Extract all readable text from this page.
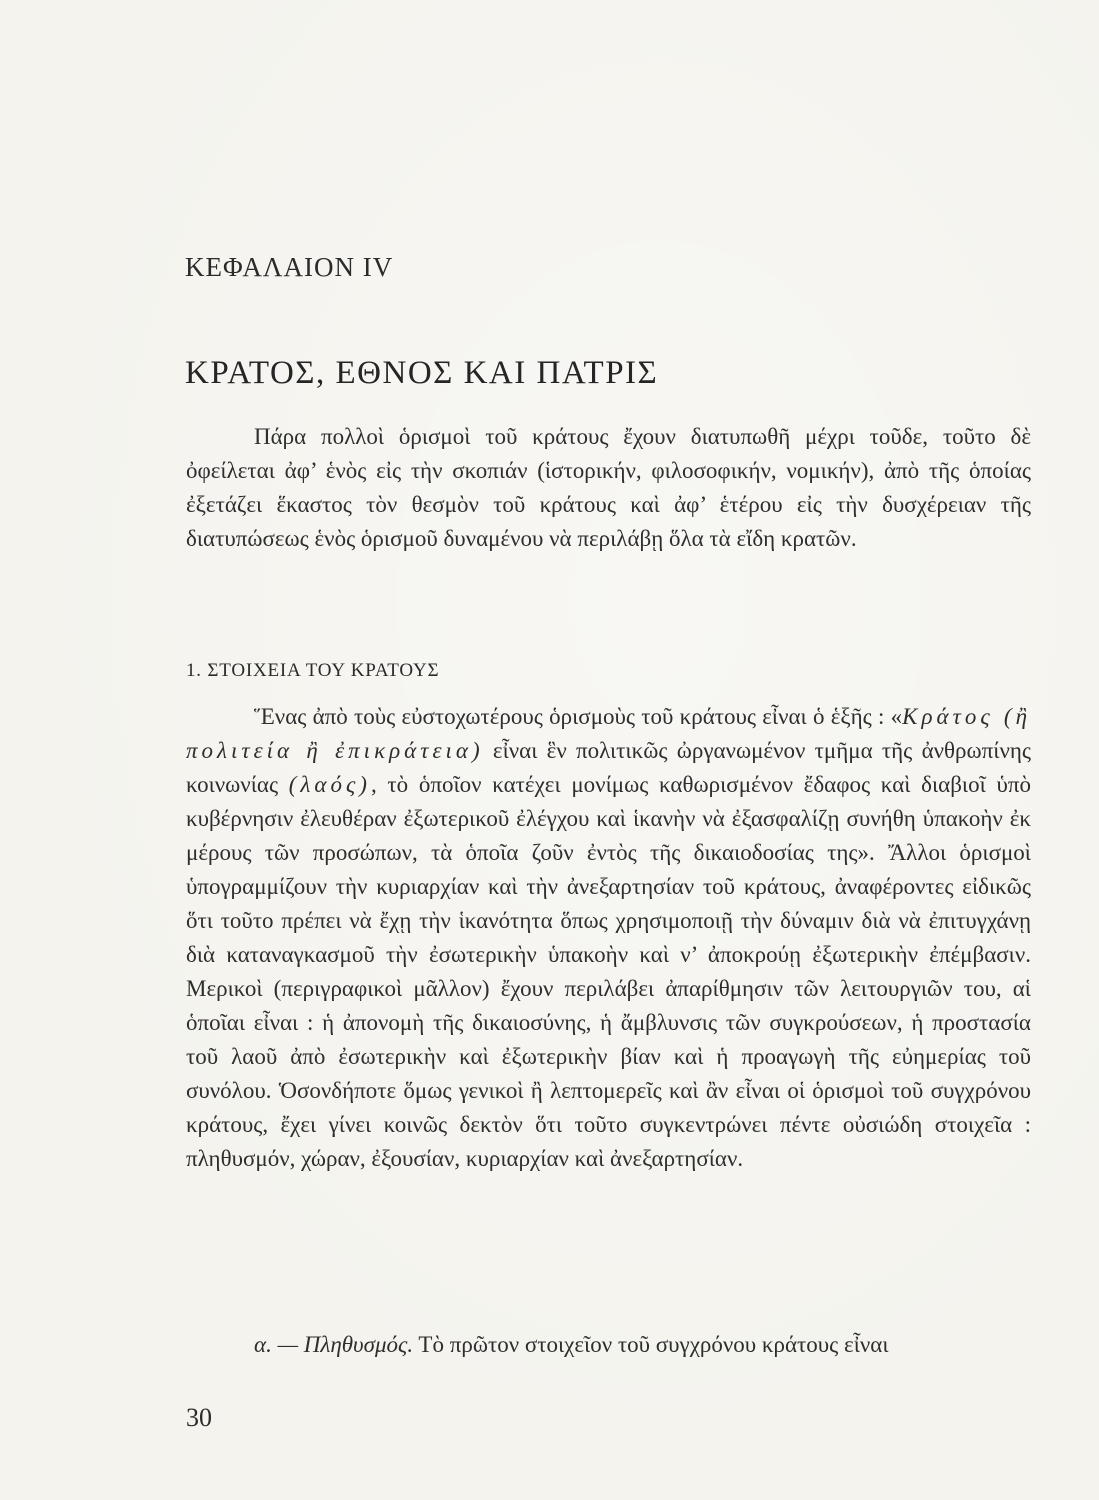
ΚΕΦΑΛΑΙΟΝ IV
ΚΡΑΤΟΣ, ΕΘΝΟΣ ΚΑΙ ΠΑΤΡΙΣ

Πάρα πολλοὶ ὁρισμοὶ τοῦ κράτους ἔχουν διατυπωθῆ μέχρι τοῦδε, τοῦτο δὲ ὀφείλεται ἀφ’ ἑνὸς εἰς τὴν σκοπιάν (ἱστορικήν, φιλοσοφικήν, νομικήν), ἀπὸ τῆς ὁποίας ἐξετάζει ἕκαστος τὸν θεσμὸν τοῦ κράτους καὶ ἀφ’ ἑτέρου εἰς τὴν δυσχέρειαν τῆς διατυπώσεως ἑνὸς ὁρισμοῦ δυναμένου νὰ περιλάβῃ ὅλα τὰ εἴδη κρατῶν.

1. ΣΤΟΙΧΕΙΑ ΤΟΥ ΚΡΑΤΟΥΣ

Ἕνας ἀπὸ τοὺς εὐστοχωτέρους ὁρισμοὺς τοῦ κράτους εἶναι ὁ ἑξῆς : «Κράτος (ἢ πολιτεία ἢ ἐπικράτεια) εἶναι ἓν πολιτικῶς ὠργανωμένον τμῆμα τῆς ἀνθρωπίνης κοινωνίας (λαός), τὸ ὁποῖον κατέχει μονίμως καθωρισμένον ἔδαφος καὶ διαβιοῖ ὑπὸ κυβέρνησιν ἐλευθέραν ἐξωτερικοῦ ἐλέγχου καὶ ἱκανὴν νὰ ἐξασφαλίζῃ συνήθη ὑπακοὴν ἐκ μέρους τῶν προσώπων, τὰ ὁποῖα ζοῦν ἐντὸς τῆς δικαιοδοσίας της». Ἄλλοι ὁρισμοὶ ὑπογραμμίζουν τὴν κυριαρχίαν καὶ τὴν ἀνεξαρτησίαν τοῦ κράτους, ἀναφέροντες εἰδικῶς ὅτι τοῦτο πρέπει νὰ ἔχῃ τὴν ἱκανότητα ὅπως χρησιμοποιῇ τὴν δύναμιν διὰ νὰ ἐπιτυγχάνῃ διὰ καταναγκασμοῦ τὴν ἐσωτερικὴν ὑπακοὴν καὶ ν’ ἀποκρούῃ ἐξωτερικὴν ἐπέμβασιν. Μερικοὶ (περιγραφικοὶ μᾶλλον) ἔχουν περιλάβει ἀπαρίθμησιν τῶν λειτουργιῶν του, αἱ ὁποῖαι εἶναι : ἡ ἀπονομὴ τῆς δικαιοσύνης, ἡ ἄμβλυνσις τῶν συγκρούσεων, ἡ προστασία τοῦ λαοῦ ἀπὸ ἐσωτερικὴν καὶ ἐξωτερικὴν βίαν καὶ ἡ προαγωγὴ τῆς εὐημερίας τοῦ συνόλου. Ὁσονδήποτε ὅμως γενικοὶ ἢ λεπτομερεῖς καὶ ἂν εἶναι οἱ ὁρισμοὶ τοῦ συγχρόνου κράτους, ἔχει γίνει κοινῶς δεκτὸν ὅτι τοῦτο συγκεντρώνει πέντε οὐσιώδη στοιχεῖα : πληθυσμόν, χώραν, ἐξουσίαν, κυριαρχίαν καὶ ἀνεξαρτησίαν.

α. — Πληθυσμός. Τὸ πρῶτον στοιχεῖον τοῦ συγχρόνου κράτους εἶναι

30
